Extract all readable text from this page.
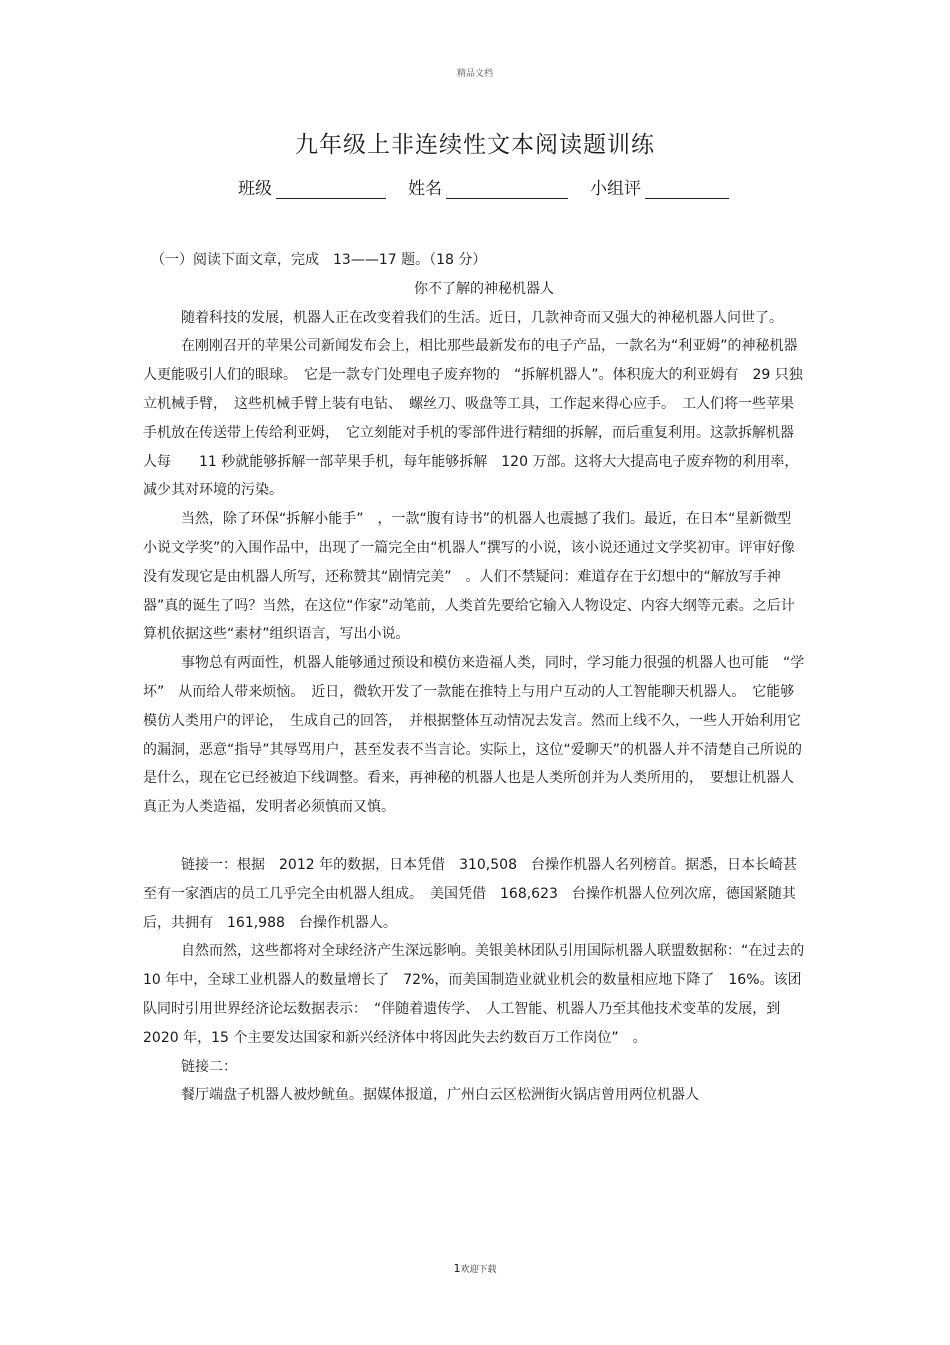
精品文档
九年级上非连续性文本阅读题训练
班级	姓名	小组评

（一）阅读下面文章，完成　13——17 题。（18 分）

你不了解的神秘机器人

随着科技的发展，机器人正在改变着我们的生活。近日，几款神奇而又强大的神秘机器人问世了。

在刚刚召开的苹果公司新闻发布会上，相比那些最新发布的电子产品，一款名为“利亚姆”的神秘机器人更能吸引人们的眼球。　它是一款专门处理电子废弃物的　“拆解机器人”。体积庞大的利亚姆有　29 只独立机械手臂，　这些机械手臂上装有电钻、　螺丝刀、吸盘等工具，工作起来得心应手。　工人们将一些苹果手机放在传送带上传给利亚姆，　它立刻能对手机的零部件进行精细的拆解，而后重复利用。这款拆解机器人每　　11 秒就能够拆解一部苹果手机，每年能够拆解　120 万部。这将大大提高电子废弃物的利用率，减少其对环境的污染。

当然，除了环保“拆解小能手”　，一款“腹有诗书”的机器人也震撼了我们。最近，在日本“星新微型小说文学奖”的入围作品中，出现了一篇完全由“机器人”撰写的小说，该小说还通过文学奖初审。评审好像没有发现它是由机器人所写，还称赞其“剧情完美”　。人们不禁疑问：难道存在于幻想中的“解放写手神器”真的诞生了吗？当然，在这位“作家”动笔前，人类首先要给它输入人物设定、内容大纲等元素。之后计算机依据这些“素材”组织语言，写出小说。

事物总有两面性，机器人能够通过预设和模仿来造福人类，同时，学习能力很强的机器人也可能　“学坏”　从而给人带来烦恼。　近日，微软开发了一款能在推特上与用户互动的人工智能聊天机器人。　它能够模仿人类用户的评论，　生成自己的回答，　并根据整体互动情况去发言。然而上线不久，一些人开始利用它的漏洞，恶意“指导”其辱骂用户，甚至发表不当言论。实际上，这位“爱聊天”的机器人并不清楚自己所说的是什么，现在它已经被迫下线调整。看来，再神秘的机器人也是人类所创并为人类所用的，　要想让机器人真正为人类造福，发明者必须慎而又慎。

链接一：根据　2012 年的数据，日本凭借　310,508　台操作机器人名列榜首。据悉，日本长崎甚至有一家酒店的员工几乎完全由机器人组成。　美国凭借　168,623　台操作机器人位列次席，德国紧随其后，共拥有　161,988　台操作机器人。

自然而然，这些都将对全球经济产生深远影响。美银美林团队引用国际机器人联盟数据称：“在过去的　10 年中，全球工业机器人的数量增长了　72%，而美国制造业就业机会的数量相应地下降了　16%。该团队同时引用世界经济论坛数据表示：　“伴随着遗传学、　人工智能、机器人乃至其他技术变革的发展，到　2020 年，15 个主要发达国家和新兴经济体中将因此失去约数百万工作岗位”　。

链接二：

餐厅端盘子机器人被炒鱿鱼。据媒体报道，广州白云区松洲街火锅店曾用两位机器人

1欢迎下载
